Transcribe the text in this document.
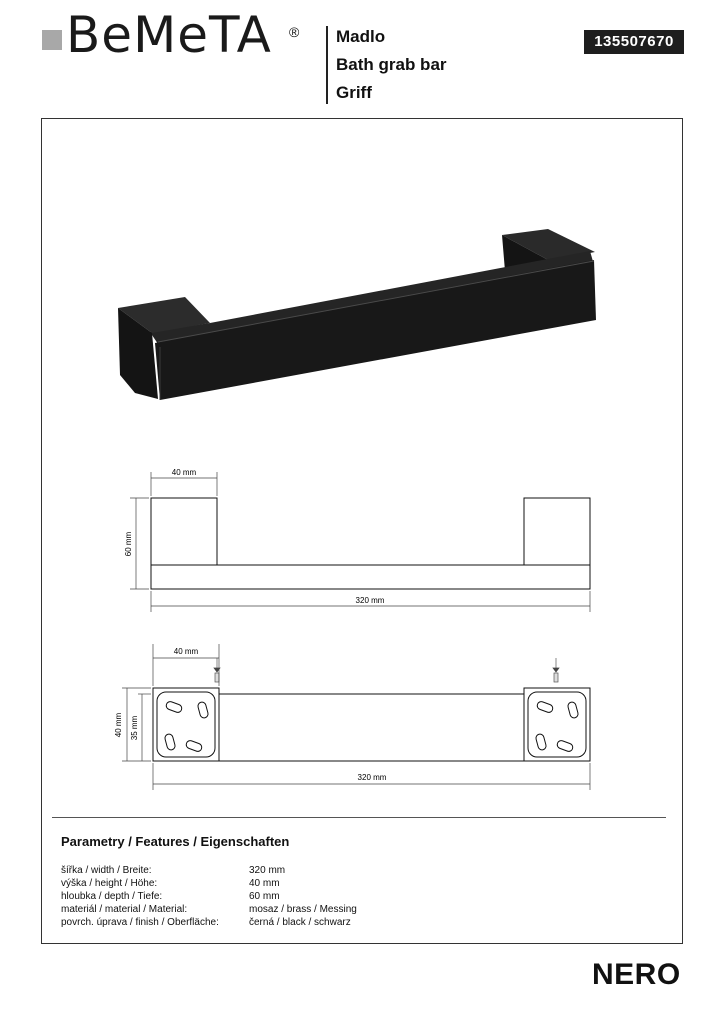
BeMeTA ® Madlo
Bath grab bar
Griff
135507670
40 mm
60 mm
320 mm
40 mm
40 mm 35 mm
320 mm
Parametry / Features / Eigenschaften
šířka / width / Breite:	320 mm
výška / height / Höhe:	40 mm
hloubka / depth / Tiefe:	60 mm
materiál / material / Material:	mosaz / brass / Messing
povrch. úprava / finish / Oberfläche:	černá / black / schwarz
NERO
